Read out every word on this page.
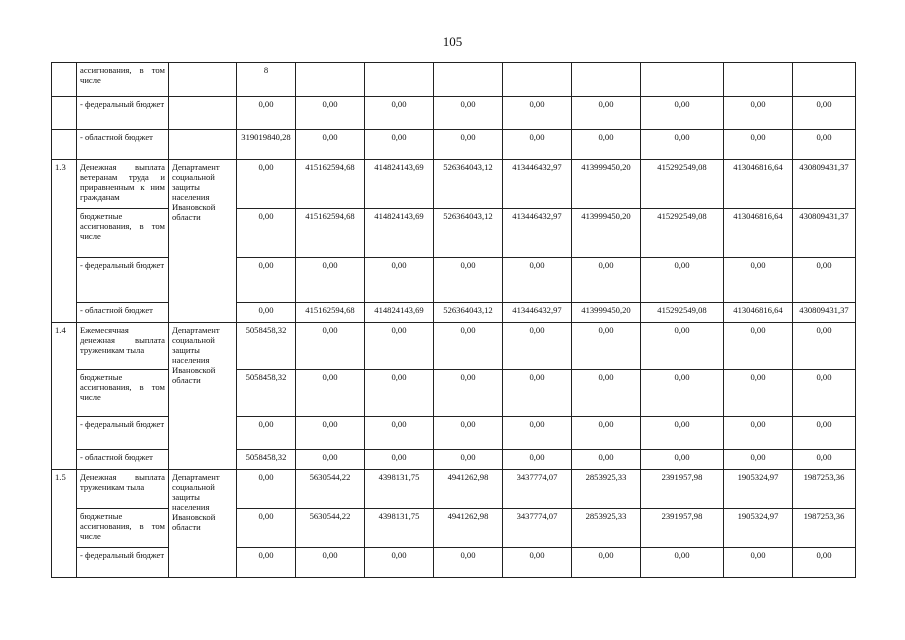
105
	ассигнования, в том числе		8								
	- федеральный бюджет		0,00	0,00	0,00	0,00	0,00	0,00	0,00	0,00	0,00
	- областной бюджет		319019840,28	0,00	0,00	0,00	0,00	0,00	0,00	0,00	0,00
1.3	Денежная выплата ветеранам труда и приравненным к ним гражданам	Департамент социальной защиты населения Ивановской области	0,00	415162594,68	414824143,69	526364043,12	413446432,97	413999450,20	415292549,08	413046816,64	430809431,37
	бюджетные ассигнования, в том числе		0,00	415162594,68	414824143,69	526364043,12	413446432,97	413999450,20	415292549,08	413046816,64	430809431,37
	- федеральный бюджет		0,00	0,00	0,00	0,00	0,00	0,00	0,00	0,00	0,00
	- областной бюджет		0,00	415162594,68	414824143,69	526364043,12	413446432,97	413999450,20	415292549,08	413046816,64	430809431,37
1.4	Ежемесячная денежная выплата труженикам тыла	Департамент социальной защиты населения Ивановской области	5058458,32	0,00	0,00	0,00	0,00	0,00	0,00	0,00	0,00
	бюджетные ассигнования, в том числе		5058458,32	0,00	0,00	0,00	0,00	0,00	0,00	0,00	0,00
	- федеральный бюджет		0,00	0,00	0,00	0,00	0,00	0,00	0,00	0,00	0,00
	- областной бюджет		5058458,32	0,00	0,00	0,00	0,00	0,00	0,00	0,00	0,00
1.5	Денежная выплата труженикам тыла	Департамент социальной защиты населения Ивановской области	0,00	5630544,22	4398131,75	4941262,98	3437774,07	2853925,33	2391957,98	1905324,97	1987253,36
	бюджетные ассигнования, в том числе		0,00	5630544,22	4398131,75	4941262,98	3437774,07	2853925,33	2391957,98	1905324,97	1987253,36
	- федеральный бюджет		0,00	0,00	0,00	0,00	0,00	0,00	0,00	0,00	0,00
